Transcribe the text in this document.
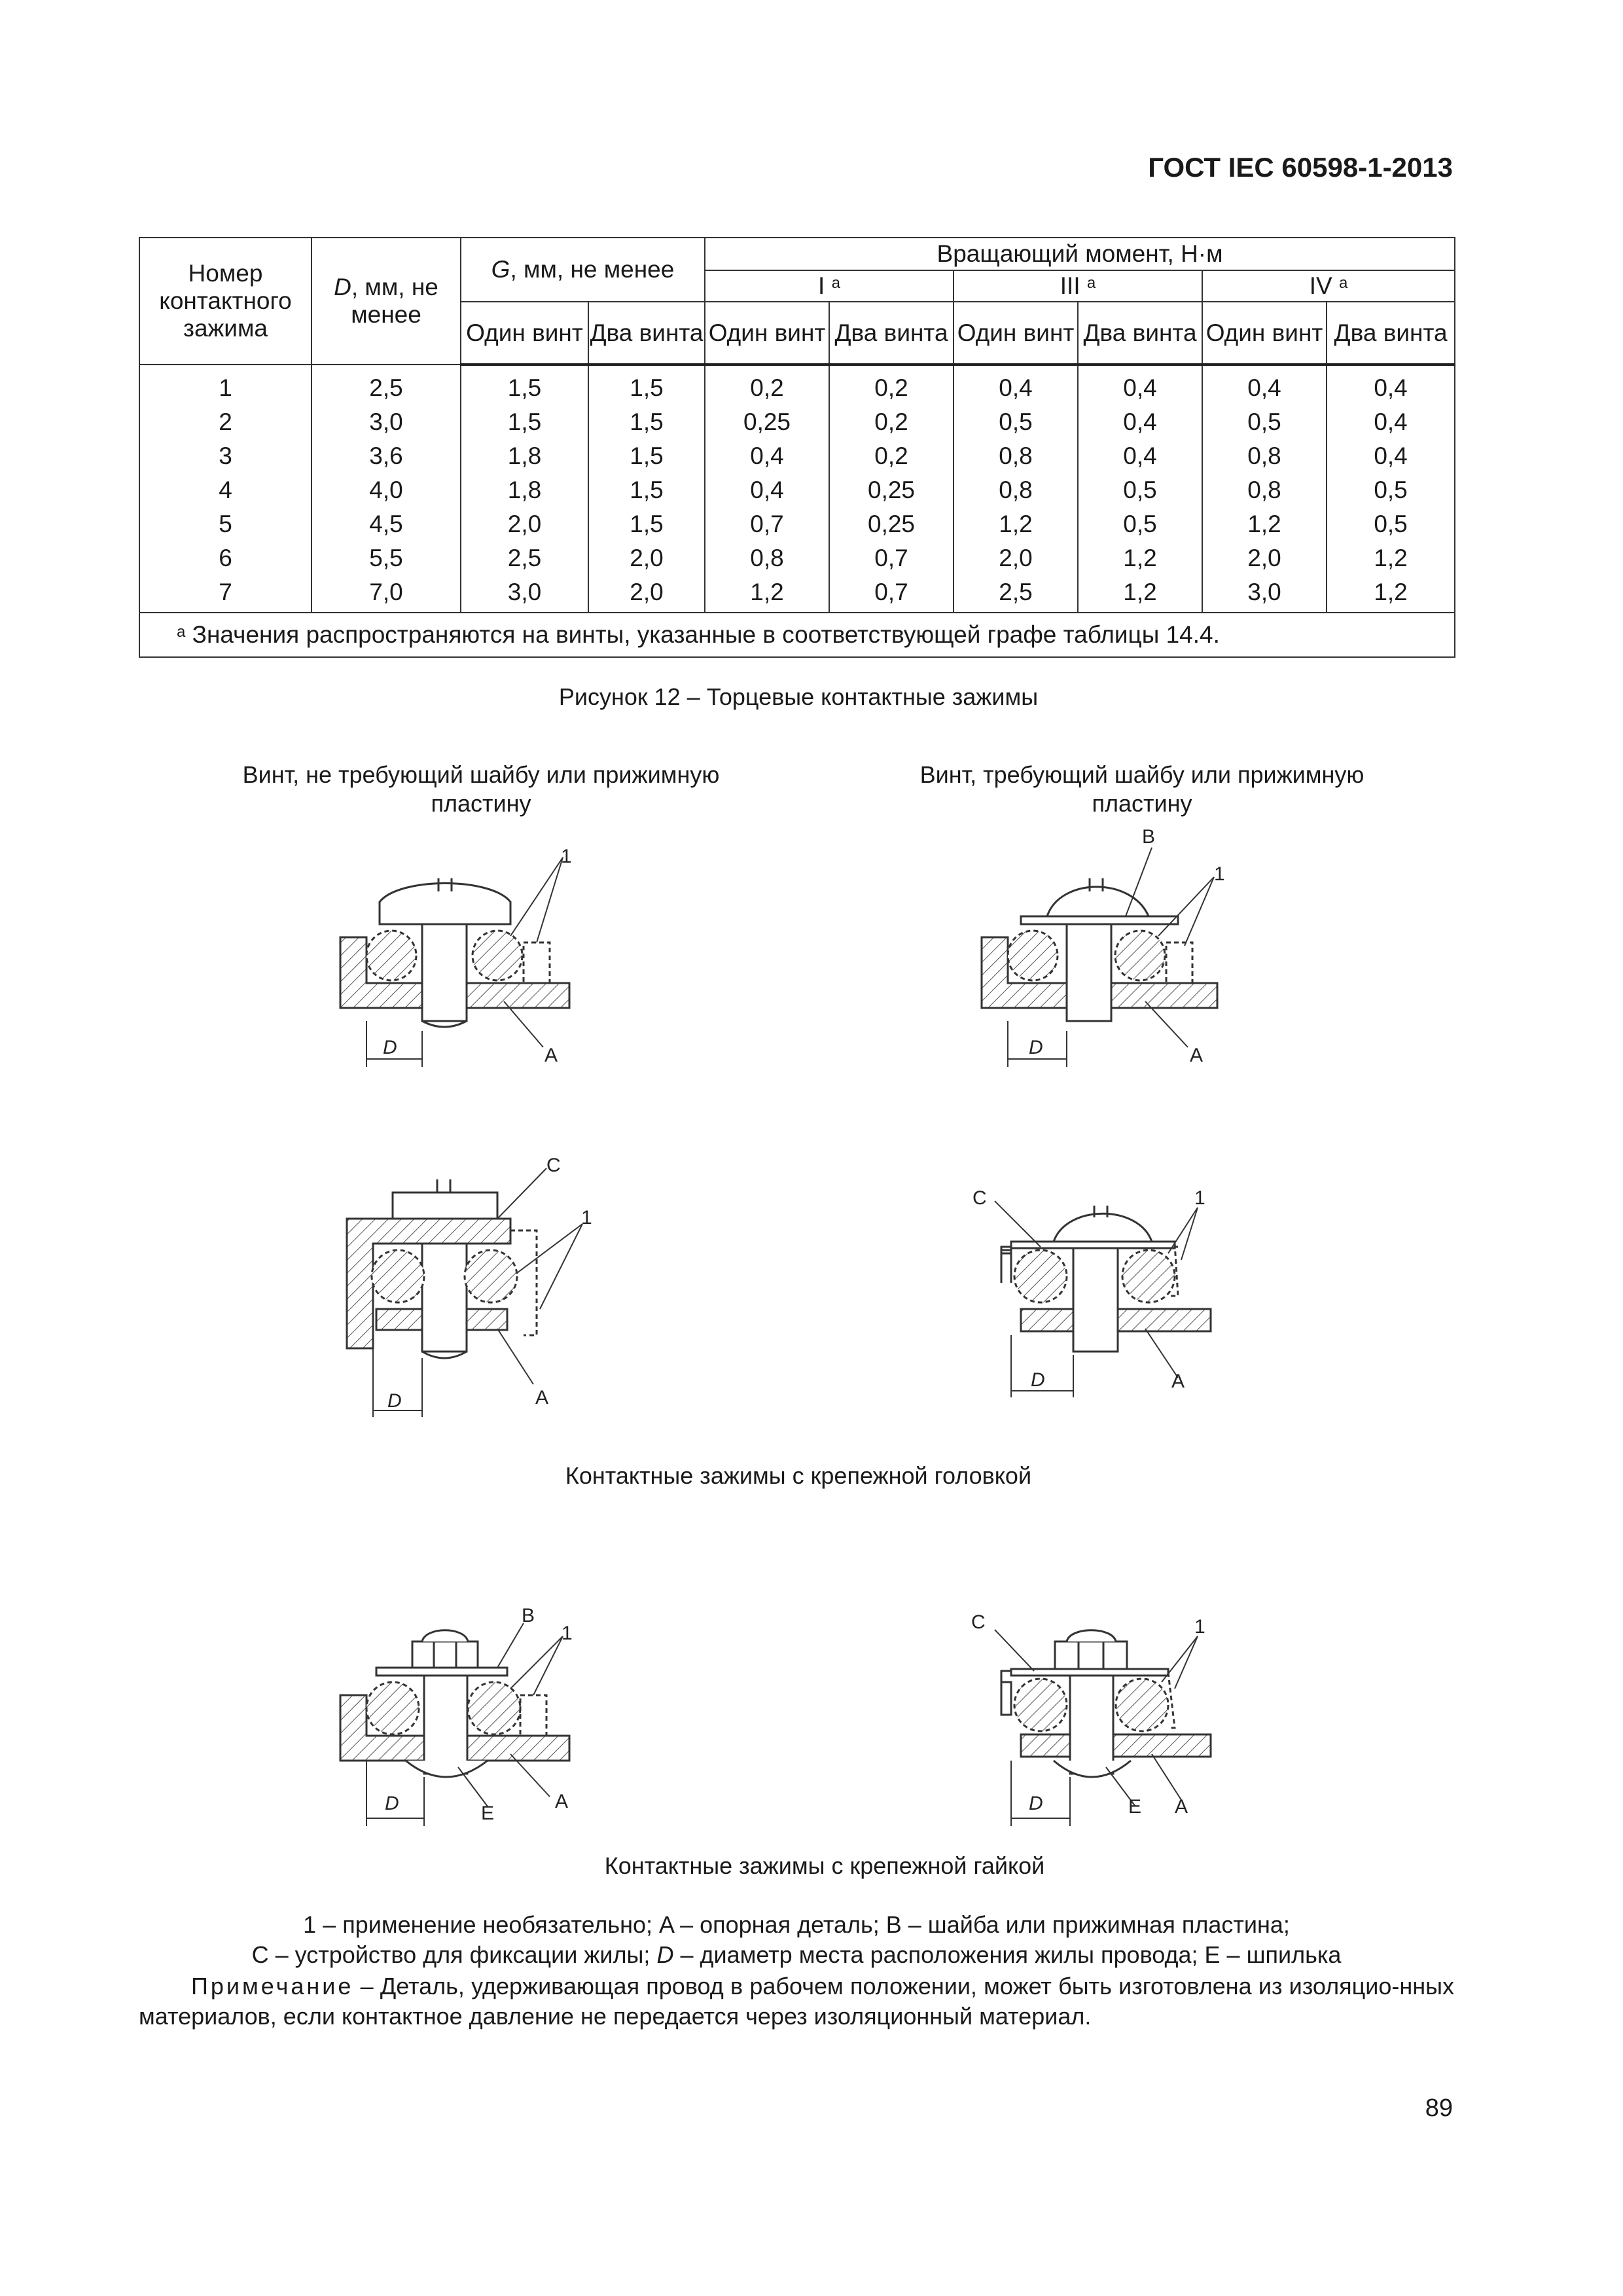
ГОСТ IEC 60598-1-2013
Номер контактного зажима	D, мм, не менее	G, мм, не менее		Вращающий момент, Н·м					
				I $^a$		III $^a$		IV $^a$
		Один винт	Два винта	Один винт	Два винта	Один винт	Два винта	Один винт	Два винта
1	2,5	1,5	1,5	0,2	0,2	0,4	0,4	0,4	0,4
2	3,0	1,5	1,5	0,25	0,2	0,5	0,4	0,5	0,4
3	3,6	1,8	1,5	0,4	0,2	0,8	0,4	0,8	0,4
4	4,0	1,8	1,5	0,4	0,25	0,8	0,5	0,8	0,5
5	4,5	2,0	1,5	0,7	0,25	1,2	0,5	1,2	0,5
6	5,5	2,5	2,0	0,8	0,7	2,0	1,2	2,0	1,2
7	7,0	3,0	2,0	1,2	0,7	2,5	1,2	3,0	1,2
$^a$ Значения распространяются на винты, указанные в соответствующей графе таблицы 14.4.									
Рисунок 12 – Торцевые контактные зажимы
Винт, не требующий шайбу или прижимную пластину
Винт, требующий шайбу или прижимную пластину
1
A
D
B
1
A
D
C
1
A
D
C	1
A
D
B
1
E
A
D
C	1
E A
D
Контактные зажимы с крепежной головкой
Контактные зажимы с крепежной гайкой
1 – применение необязательно; A – опорная деталь; B – шайба или прижимная пластина;
C – устройство для фиксации жилы; D – диаметр места расположения жилы провода; E – шпилька
Примечание – Деталь, удерживающая провод в рабочем положении, может быть изготовлена из изоляцио-нных материалов, если контактное давление не передается через изоляционный материал.
89
